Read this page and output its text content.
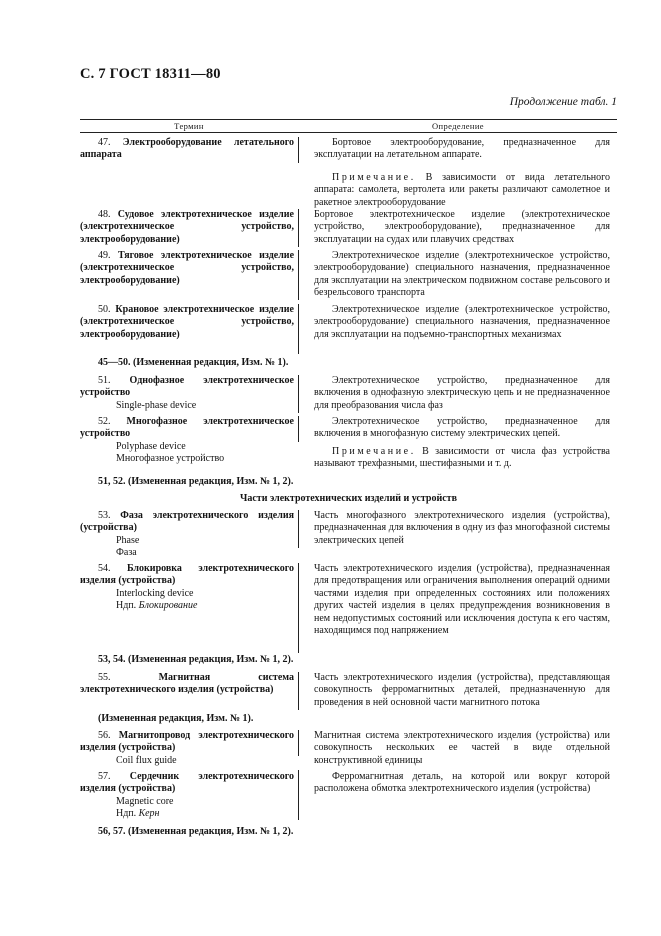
С. 7 ГОСТ 18311—80
Продолжение табл. 1
Термин	Определение
47. Электрооборудование летательного аппарата
Бортовое электрооборудование, предназначенное для эксплуатации на летательном аппарате.
Примечание. В зависимости от вида летательного аппарата: самолета, вертолета или ракеты различают самолетное и ракетное электрооборудование
48. Судовое электротехническое изделие (электротехническое устройство, электрооборудование)
Бортовое электротехническое изделие (электротехническое устройство, электрооборудование), предназначенное для эксплуатации на судах или плавучих средствах
49. Тяговое электротехническое изделие (электротехническое устройство, электрооборудование)
Электротехническое изделие (электротехническое устройство, электрооборудование) специального назначения, предназначенное для эксплуатации на электрическом подвижном составе рельсового и безрельсового транспорта
50. Крановое электротехническое изделие (электротехническое устройство, электрооборудование)
Электротехническое изделие (электротехническое устройство, электрооборудование) специального назначения, предназначенное для эксплуатации на подъемно-транспортных механизмах
45—50. (Измененная редакция, Изм. № 1).
51. Однофазное электротехническое устройство
Single-phase device
Электротехническое устройство, предназначенное для включения в однофазную электрическую цепь и не предназначенное для преобразования числа фаз
52. Многофазное электротехническое устройство
Polyphase device
Многофазное устройство
Электротехническое устройство, предназначенное для включения в многофазную систему электрических цепей.
Примечание. В зависимости от числа фаз устройства называют трехфазными, шестифазными и т. д.
51, 52. (Измененная редакция, Изм. № 1, 2).
Части электротехнических изделий и устройств
53. Фаза электротехнического изделия (устройства)
Phase
Фаза
Часть многофазного электротехнического изделия (устройства), предназначенная для включения в одну из фаз многофазной системы электрических цепей
54. Блокировка электротехнического изделия (устройства)
Interlocking device
Ндп. Блокирование
Часть электротехнического изделия (устройства), предназначенная для предотвращения или ограничения выполнения операций одними частями изделия при определенных состояниях или положениях других частей изделия в целях предупреждения возникновения в нем недопустимых состояний или исключения доступа к его частям, находящимся под напряжением
53, 54. (Измененная редакция, Изм. № 1, 2).
55.	Магнитная система электротехнического изделия (устройства)
Часть электротехнического изделия (устройства), представляющая совокупность ферромагнитных деталей, предназначенную для проведения в ней основной части магнитного потока
(Измененная редакция, Изм. № 1).
56. Магнитопровод электротехнического изделия (устройства)
Coil flux guide
Магнитная система электротехнического изделия (устройства) или совокупность нескольких ее частей в виде отдельной конструктивной единицы
57. Сердечник электротехнического изделия (устройства)
Magnetic core
Ндп. Керн
Ферромагнитная деталь, на которой или вокруг которой расположена обмотка электротехнического изделия (устройства)
56, 57. (Измененная редакция, Изм. № 1, 2).
